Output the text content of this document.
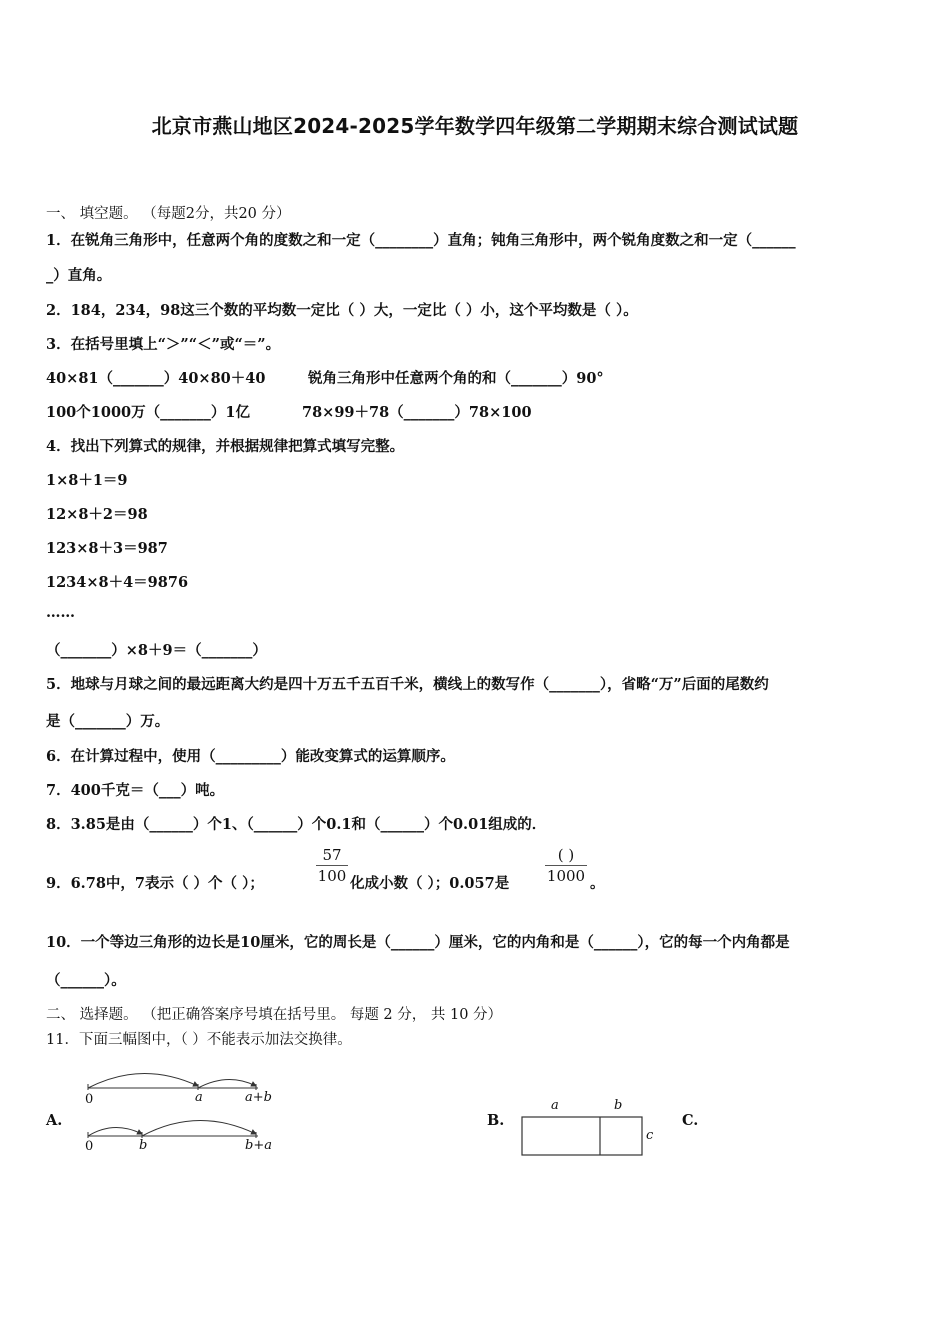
北京市燕山地区2024-2025学年数学四年级第二学期期末综合测试试题
一、 填空题。 （每题2分，共20 分）
1．在锐角三角形中，任意两个角的度数之和一定（________）直角；钝角三角形中，两个锐角度数之和一定（______
_）直角。
2．184，234，98这三个数的平均数一定比（ ）大，一定比（ ）小，这个平均数是（ ）。
3．在括号里填上“＞”“＜”或“＝”。
40×81（_______）40×80＋40	锐角三角形中任意两个角的和（_______）90°
100个1000万（_______）1亿	78×99＋78（_______）78×100
4．找出下列算式的规律，并根据规律把算式填写完整。
1×8＋1＝9
12×8＋2＝98
123×8＋3＝987
1234×8＋4＝9876
……
（_______）×8＋9＝（_______）
5．地球与月球之间的最远距离大约是四十万五千五百千米，横线上的数写作（_______），省略“万”后面的尾数约
是（_______）万。
6．在计算过程中，使用（_________）能改变算式的运算顺序。
7．400千克＝（___）吨。
8．3.85是由（______）个1、（______）个0.1和（______）个0.01组成的．
9．6.78中，7表示（ ）个（ ）；
57
100 化成小数（ ）；0.057是
( )
1000 。
10．一个等边三角形的边长是10厘米，它的周长是（______）厘米，它的内角和是（______），它的每一个内角都是
（______）。
二、 选择题。 （把正确答案序号填在括号里。 每题 2 分， 共 10 分）
11．下面三幅图中，（ ）不能表示加法交换律。
A.
0	a	a+b
0	b	b+a
B.
a	b
c
C.
